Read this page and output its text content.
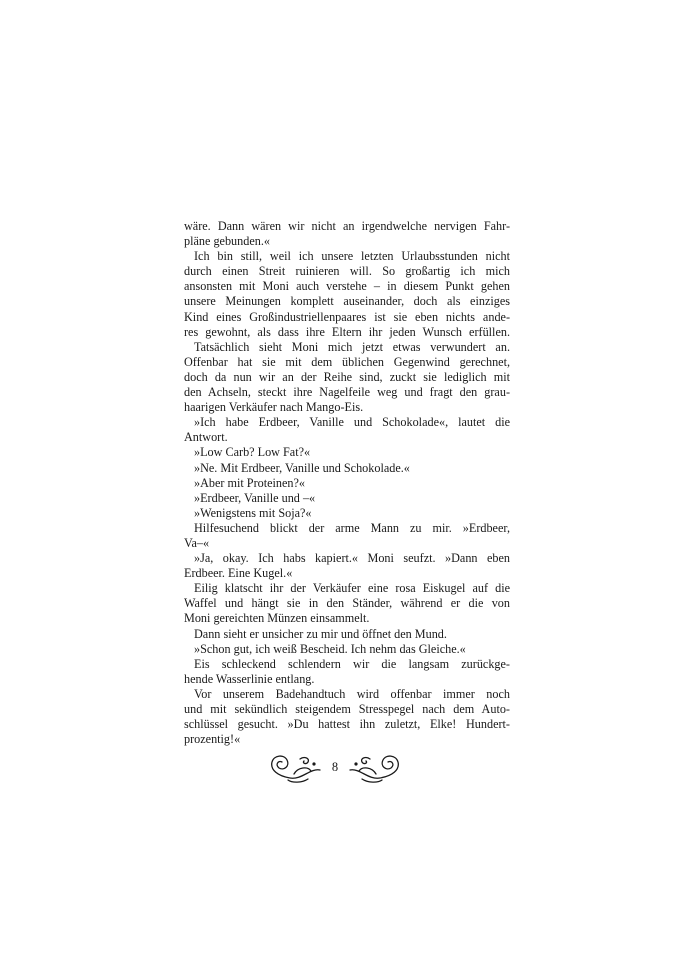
wäre. Dann wären wir nicht an irgendwelche nervigen Fahr-
pläne gebunden.«
Ich bin still, weil ich unsere letzten Urlaubsstunden nicht
durch einen Streit ruinieren will. So großartig ich mich
ansonsten mit Moni auch verstehe – in diesem Punkt gehen
unsere Meinungen komplett auseinander, doch als einziges
Kind eines Großindustriellenpaares ist sie eben nichts ande-
res gewohnt, als dass ihre Eltern ihr jeden Wunsch erfüllen.
Tatsächlich sieht Moni mich jetzt etwas verwundert an.
Offenbar hat sie mit dem üblichen Gegenwind gerechnet,
doch da nun wir an der Reihe sind, zuckt sie lediglich mit
den Achseln, steckt ihre Nagelfeile weg und fragt den grau-
haarigen Verkäufer nach Mango-Eis.
»Ich habe Erdbeer, Vanille und Schokolade«, lautet die
Antwort.
»Low Carb? Low Fat?«
»Ne. Mit Erdbeer, Vanille und Schokolade.«
»Aber mit Proteinen?«
»Erdbeer, Vanille und –«
»Wenigstens mit Soja?«
Hilfesuchend blickt der arme Mann zu mir. »Erdbeer,
Va–«
»Ja, okay. Ich habs kapiert.« Moni seufzt. »Dann eben
Erdbeer. Eine Kugel.«
Eilig klatscht ihr der Verkäufer eine rosa Eiskugel auf die
Waffel und hängt sie in den Ständer, während er die von
Moni gereichten Münzen einsammelt.
Dann sieht er unsicher zu mir und öffnet den Mund.
»Schon gut, ich weiß Bescheid. Ich nehm das Gleiche.«
Eis schleckend schlendern wir die langsam zurückge-
hende Wasserlinie entlang.
Vor unserem Badehandtuch wird offenbar immer noch
und mit sekündlich steigendem Stresspegel nach dem Auto-
schlüssel gesucht. »Du hattest ihn zuletzt, Elke! Hundert-
prozentig!«
8
